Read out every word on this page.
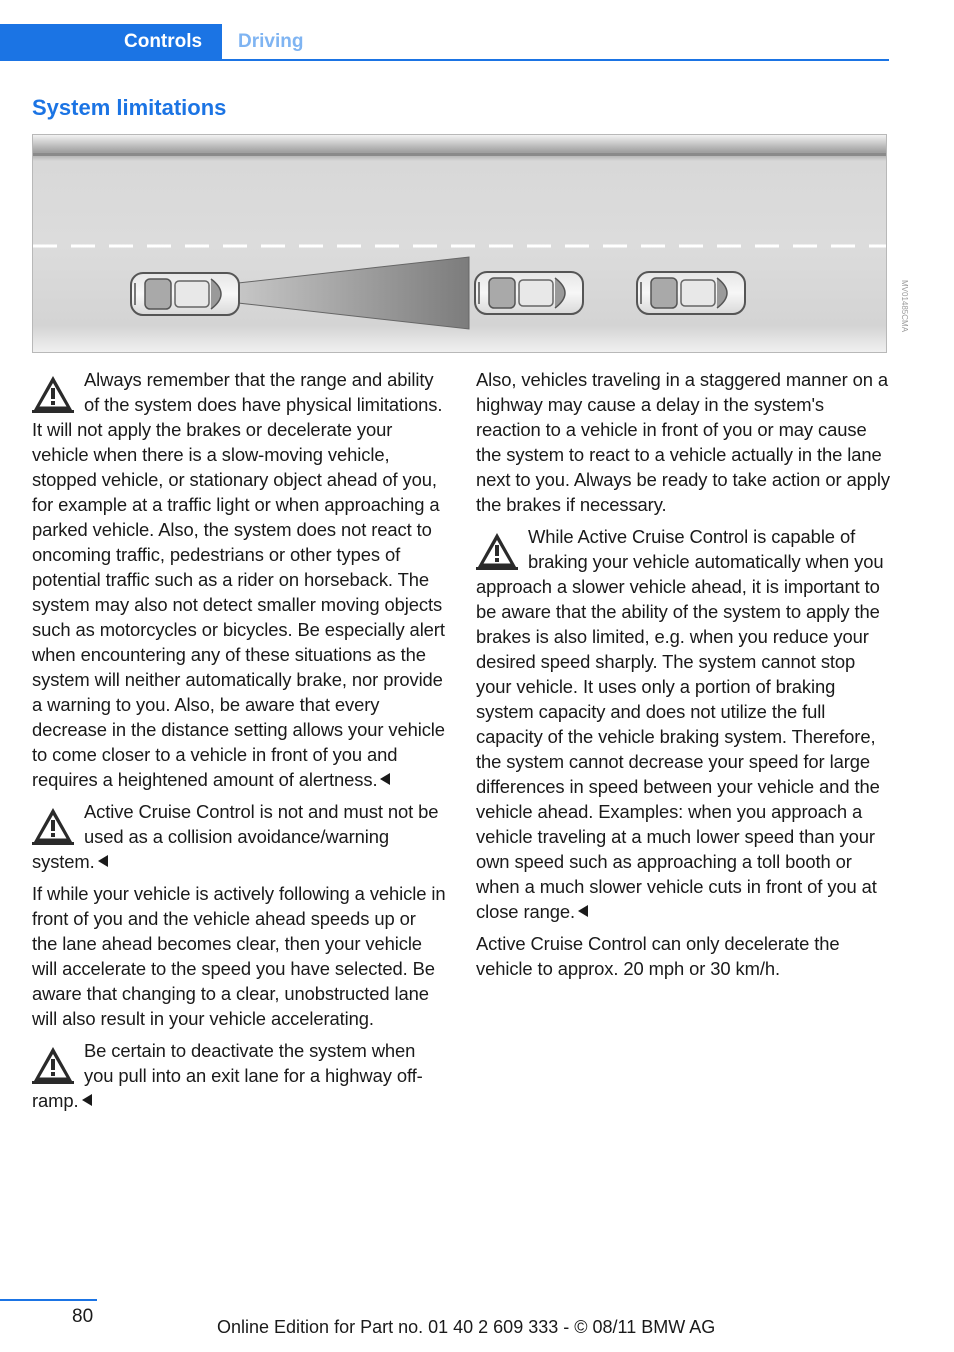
Controls Driving
System limitations
MV01485CMA

Always remember that the range and ability of the system does have physical limitations. It will not apply the brakes or decelerate your vehicle when there is a slow-moving vehicle, stopped vehicle, or stationary object ahead of you, for example at a traffic light or when approaching a parked vehicle. Also, the system does not react to oncoming traffic, pedestrians or other types of potential traffic such as a rider on horseback. The system may also not detect smaller moving objects such as motorcycles or bicycles. Be especially alert when encountering any of these situations as the system will neither automatically brake, nor provide a warning to you. Also, be aware that every decrease in the distance setting allows your vehicle to come closer to a vehicle in front of you and requires a heightened amount of alertness.

Active Cruise Control is not and must not be used as a collision avoidance/warning system.

If while your vehicle is actively following a vehicle in front of you and the vehicle ahead speeds up or the lane ahead becomes clear, then your vehicle will accelerate to the speed you have selected. Be aware that changing to a clear, unobstructed lane will also result in your vehicle accelerating.

Be certain to deactivate the system when you pull into an exit lane for a highway off-ramp.

Also, vehicles traveling in a staggered manner on a highway may cause a delay in the system's reaction to a vehicle in front of you or may cause the system to react to a vehicle actually in the lane next to you. Always be ready to take action or apply the brakes if necessary.

While Active Cruise Control is capable of braking your vehicle automatically when you approach a slower vehicle ahead, it is important to be aware that the ability of the system to apply the brakes is also limited, e.g. when you reduce your desired speed sharply. The system cannot stop your vehicle. It uses only a portion of braking system capacity and does not utilize the full capacity of the vehicle braking system. Therefore, the system cannot decrease your speed for large differences in speed between your vehicle and the vehicle ahead. Examples: when you approach a vehicle traveling at a much lower speed than your own speed such as approaching a toll booth or when a much slower vehicle cuts in front of you at close range.

Active Cruise Control can only decelerate the vehicle to approx. 20 mph or 30 km/h.

80	Online Edition for Part no. 01 40 2 609 333 - © 08/11 BMW AG
